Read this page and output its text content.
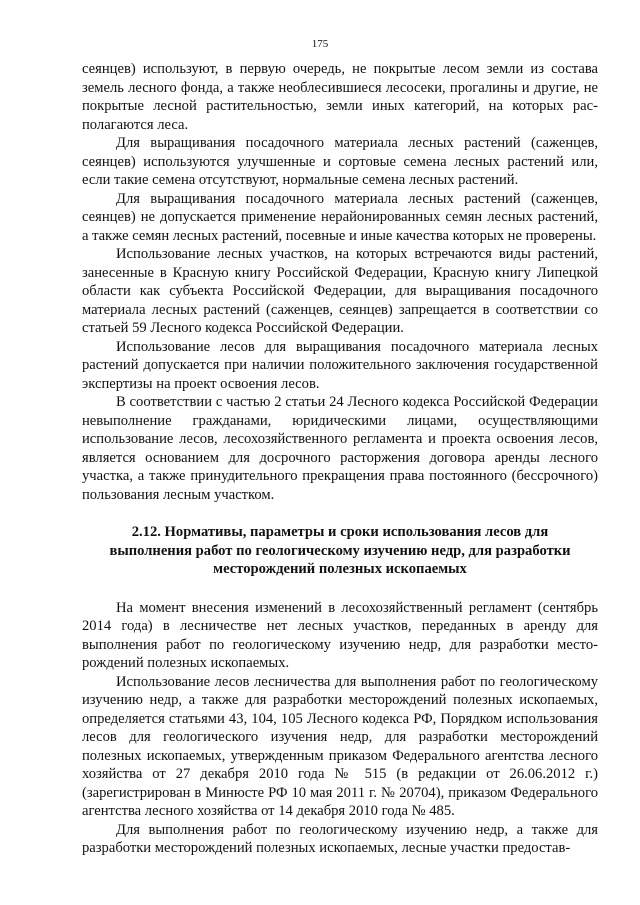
175

сеянцев) используют, в первую очередь, не покрытые лесом земли из состава земель лесного фонда, а также необлесившиеся лесосеки, прогалины и другие, не покрытые лесной растительностью, земли иных категорий, на которых располагаются леса.

Для выращивания посадочного материала лесных растений (саженцев, сеянцев) используются улучшенные и сортовые семена лесных растений или, если такие семена отсутствуют, нормальные семена лесных растений.

Для выращивания посадочного материала лесных растений (саженцев, сеянцев) не допускается применение нерайонированных семян лесных растений, а также семян лесных растений, посевные и иные качества которых не проверены.

Использование лесных участков, на которых встречаются виды растений, занесенные в Красную книгу Российской Федерации, Красную книгу Липецкой области как субъекта Российской Федерации, для выращивания посадочного материала лесных растений (саженцев, сеянцев) запрещается в соответствии со статьей 59 Лесного кодекса Российской Федерации.

Использование лесов для выращивания посадочного материала лесных растений допускается при наличии положительного заключения государственной экспертизы на проект освоения лесов.

В соответствии с частью 2 статьи 24 Лесного кодекса Российской Федерации невыполнение гражданами, юридическими лицами, осуществляющими использование лесов, лесохозяйственного регламента и проекта освоения лесов, является основанием для досрочного расторжения договора аренды лесного участка, а также принудительного прекращения права постоянного (бессрочного) пользования лесным участком.

2.12. Нормативы, параметры и сроки использования лесов для выполнения работ по геологическому изучению недр, для разработки месторождений полезных ископаемых

На момент внесения изменений в лесохозяйственный регламент (сентябрь 2014 года) в лесничестве нет лесных участков, переданных в аренду для выполнения работ по геологическому изучению недр, для разработки месторождений полезных ископаемых.

Использование лесов лесничества для выполнения работ по геологическому изучению недр, а также для разработки месторождений полезных ископаемых, определяется статьями 43, 104, 105 Лесного кодекса РФ, Порядком использования лесов для геологического изучения недр, для разработки месторождений полезных ископаемых, утвержденным приказом Федерального агентства лесного хозяйства от 27 декабря 2010 года № 515 (в редакции от 26.06.2012 г.) (зарегистрирован в Минюсте РФ 10 мая 2011 г. № 20704), приказом Федерального агентства лесного хозяйства от 14 декабря 2010 года № 485.

Для выполнения работ по геологическому изучению недр, а также для разработки месторождений полезных ископаемых, лесные участки предостав-
